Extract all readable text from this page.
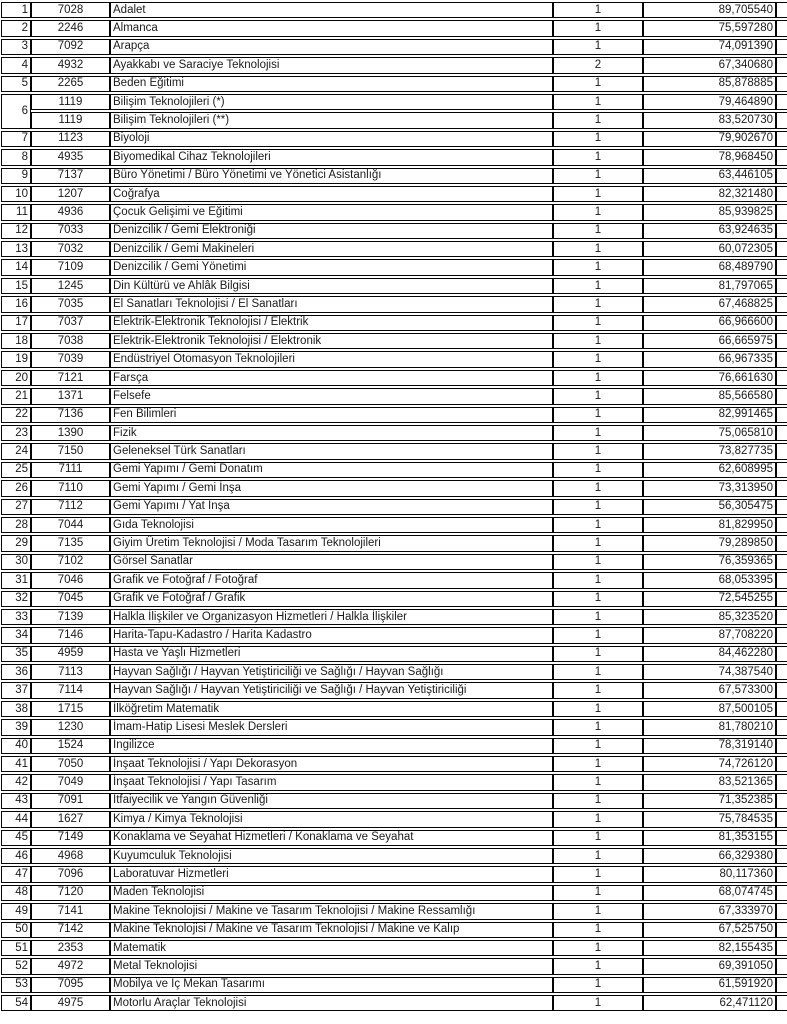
1	7028	Adalet	1	89,705540	
2	2246	Almanca	1	75,597280	
3	7092	Arapça	1	74,091390	
4	4932	Ayakkabı ve Saraciye Teknolojisi	2	67,340680	
5	2265	Beden Eğitimi	1	85,878885	
6	1119	Bilişim Teknolojileri (*)	1	79,464890	
	1119	Bilişim Teknolojileri (**)	1	83,520730	
7	1123	Biyoloji	1	79,902670	
8	4935	Biyomedikal Cihaz Teknolojileri	1	78,968450	
9	7137	Büro Yönetimi / Büro Yönetimi ve Yönetici Asistanlığı	1	63,446105	
10	1207	Coğrafya	1	82,321480	
11	4936	Çocuk Gelişimi ve Eğitimi	1	85,939825	
12	7033	Denizcilik / Gemi Elektroniği	1	63,924635	
13	7032	Denizcilik / Gemi Makineleri	1	60,072305	
14	7109	Denizcilik / Gemi Yönetimi	1	68,489790	
15	1245	Din Kültürü ve Ahlâk Bilgisi	1	81,797065	
16	7035	El Sanatları Teknolojisi / El Sanatları	1	67,468825	
17	7037	Elektrik-Elektronik Teknolojisi / Elektrik	1	66,966600	
18	7038	Elektrik-Elektronik Teknolojisi / Elektronik	1	66,665975	
19	7039	Endüstriyel Otomasyon Teknolojileri	1	66,967335	
20	7121	Farsça	1	76,661630	
21	1371	Felsefe	1	85,566580	
22	7136	Fen Bilimleri	1	82,991465	
23	1390	Fizik	1	75,065810	
24	7150	Geleneksel Türk Sanatları	1	73,827735	
25	7111	Gemi Yapımı / Gemi Donatım	1	62,608995	
26	7110	Gemi Yapımı / Gemi İnşa	1	73,313950	
27	7112	Gemi Yapımı / Yat İnşa	1	56,305475	
28	7044	Gıda Teknolojisi	1	81,829950	
29	7135	Giyim Üretim Teknolojisi / Moda Tasarım Teknolojileri	1	79,289850	
30	7102	Görsel Sanatlar	1	76,359365	
31	7046	Grafik ve Fotoğraf / Fotoğraf	1	68,053395	
32	7045	Grafik ve Fotoğraf / Grafik	1	72,545255	
33	7139	Halkla İlişkiler ve Organizasyon Hizmetleri / Halkla İlişkiler	1	85,323520	
34	7146	Harita-Tapu-Kadastro / Harita Kadastro	1	87,708220	
35	4959	Hasta ve Yaşlı Hizmetleri	1	84,462280	
36	7113	Hayvan Sağlığı / Hayvan Yetiştiriciliği ve Sağlığı / Hayvan Sağlığı	1	74,387540	
37	7114	Hayvan Sağlığı / Hayvan Yetiştiriciliği ve Sağlığı / Hayvan Yetiştiriciliği	1	67,573300	
38	1715	İlköğretim Matematik	1	87,500105	
39	1230	İmam-Hatip Lisesi Meslek Dersleri	1	81,780210	
40	1524	İngilizce	1	78,319140	
41	7050	İnşaat Teknolojisi / Yapı Dekorasyon	1	74,726120	
42	7049	İnşaat Teknolojisi / Yapı Tasarım	1	83,521365	
43	7091	İtfaiyecilik ve Yangın Güvenliği	1	71,352385	
44	1627	Kimya / Kimya Teknolojisi	1	75,784535	
45	7149	Konaklama ve Seyahat Hizmetleri / Konaklama ve Seyahat	1	81,353155	
46	4968	Kuyumculuk Teknolojisi	1	66,329380	
47	7096	Laboratuvar Hizmetleri	1	80,117360	
48	7120	Maden Teknolojisi	1	68,074745	
49	7141	Makine Teknolojisi / Makine ve Tasarım Teknolojisi / Makine Ressamlığı	1	67,333970	
50	7142	Makine Teknolojisi / Makine ve Tasarım Teknolojisi / Makine ve Kalıp	1	67,525750	
51	2353	Matematik	1	82,155435	
52	4972	Metal Teknolojisi	1	69,391050	
53	7095	Mobilya ve İç Mekan Tasarımı	1	61,591920	
54	4975	Motorlu Araçlar Teknolojisi	1	62,471120	
